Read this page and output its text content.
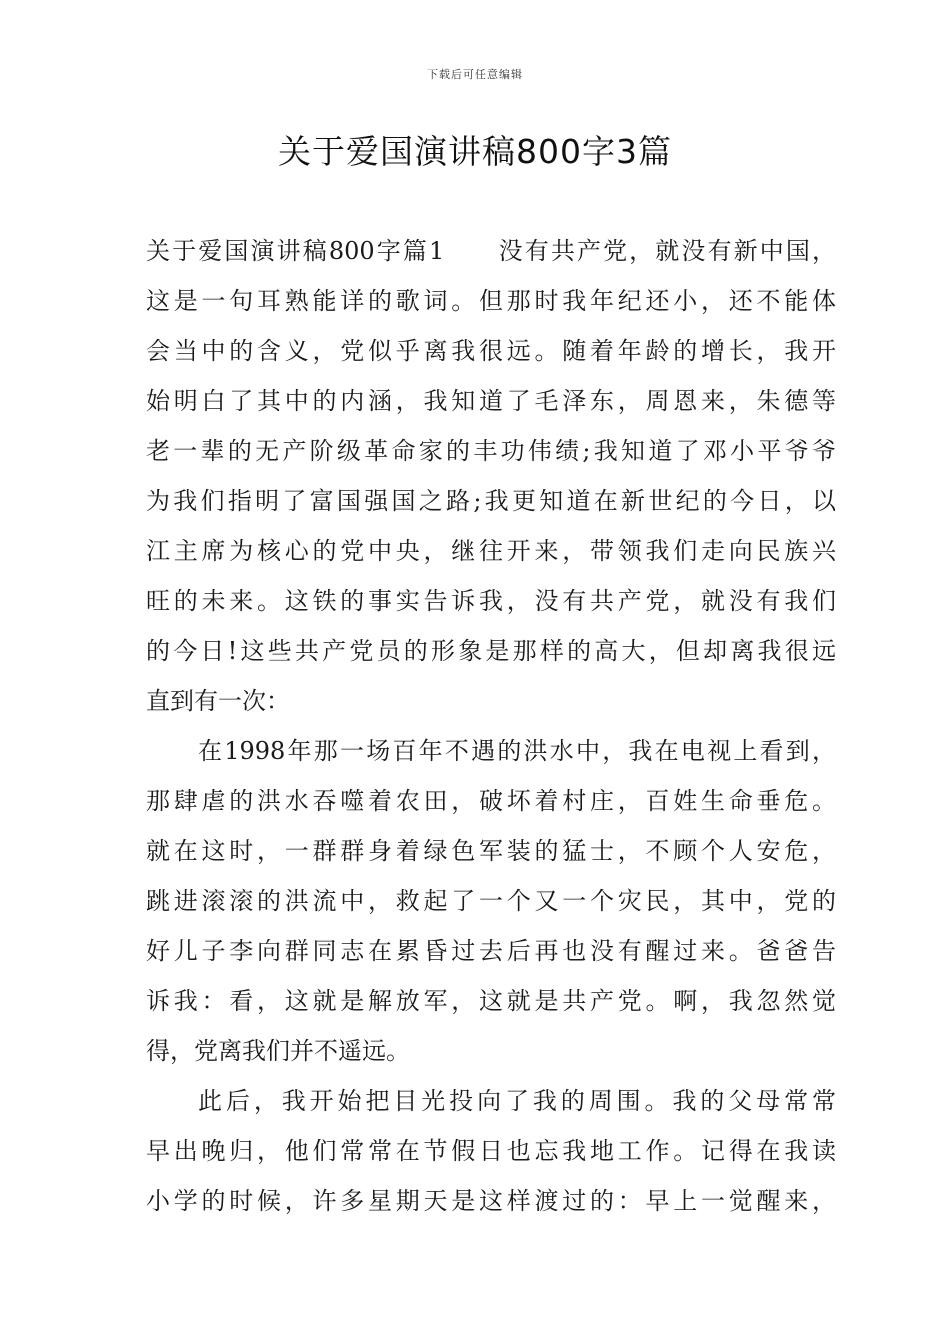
下载后可任意编辑
关于爱国演讲稿800字3篇
关于爱国演讲稿800字篇1　　没有共产党，就没有新中国，
这是一句耳熟能详的歌词。但那时我年纪还小，还不能体
会当中的含义，党似乎离我很远。随着年龄的增长，我开
始明白了其中的内涵，我知道了毛泽东，周恩来，朱德等
老一辈的无产阶级革命家的丰功伟绩;我知道了邓小平爷爷
为我们指明了富国强国之路;我更知道在新世纪的今日，以
江主席为核心的党中央，继往开来，带领我们走向民族兴
旺的未来。这铁的事实告诉我，没有共产党，就没有我们
的今日!这些共产党员的形象是那样的高大，但却离我很远
直到有一次：
在1998年那一场百年不遇的洪水中，我在电视上看到，
那肆虐的洪水吞噬着农田，破坏着村庄，百姓生命垂危。
就在这时，一群群身着绿色军装的猛士，不顾个人安危，
跳进滚滚的洪流中，救起了一个又一个灾民，其中，党的
好儿子李向群同志在累昏过去后再也没有醒过来。爸爸告
诉我：看，这就是解放军，这就是共产党。啊，我忽然觉
得，党离我们并不遥远。
此后，我开始把目光投向了我的周围。我的父母常常
早出晚归，他们常常在节假日也忘我地工作。记得在我读
小学的时候，许多星期天是这样渡过的：早上一觉醒来，
